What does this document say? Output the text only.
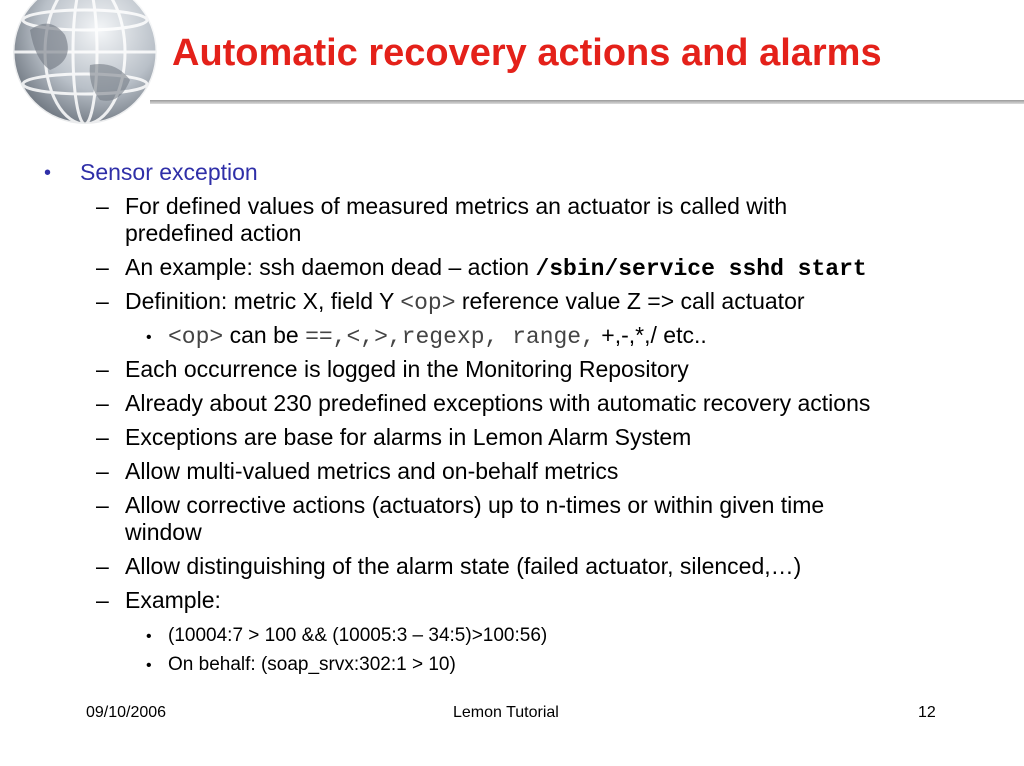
Automatic recovery actions and alarms
• Sensor exception
– For defined values of measured metrics an actuator is called with
predefined action
– An example: ssh daemon dead – action /sbin/service sshd start
– Definition: metric X, field Y <op> reference value Z => call actuator
• <op> can be ==,<,>,regexp, range, +,-,*,/ etc..
– Each occurrence is logged in the Monitoring Repository
– Already about 230 predefined exceptions with automatic recovery actions
– Exceptions are base for alarms in Lemon Alarm System
– Allow multi-valued metrics and on-behalf metrics
– Allow corrective actions (actuators) up to n-times or within given time
window
– Allow distinguishing of the alarm state (failed actuator, silenced,…)
– Example:
• (10004:7 > 100 && (10005:3 – 34:5)>100:56)
• On behalf: (soap_srvx:302:1 > 10)
09/10/2006	Lemon Tutorial	12
